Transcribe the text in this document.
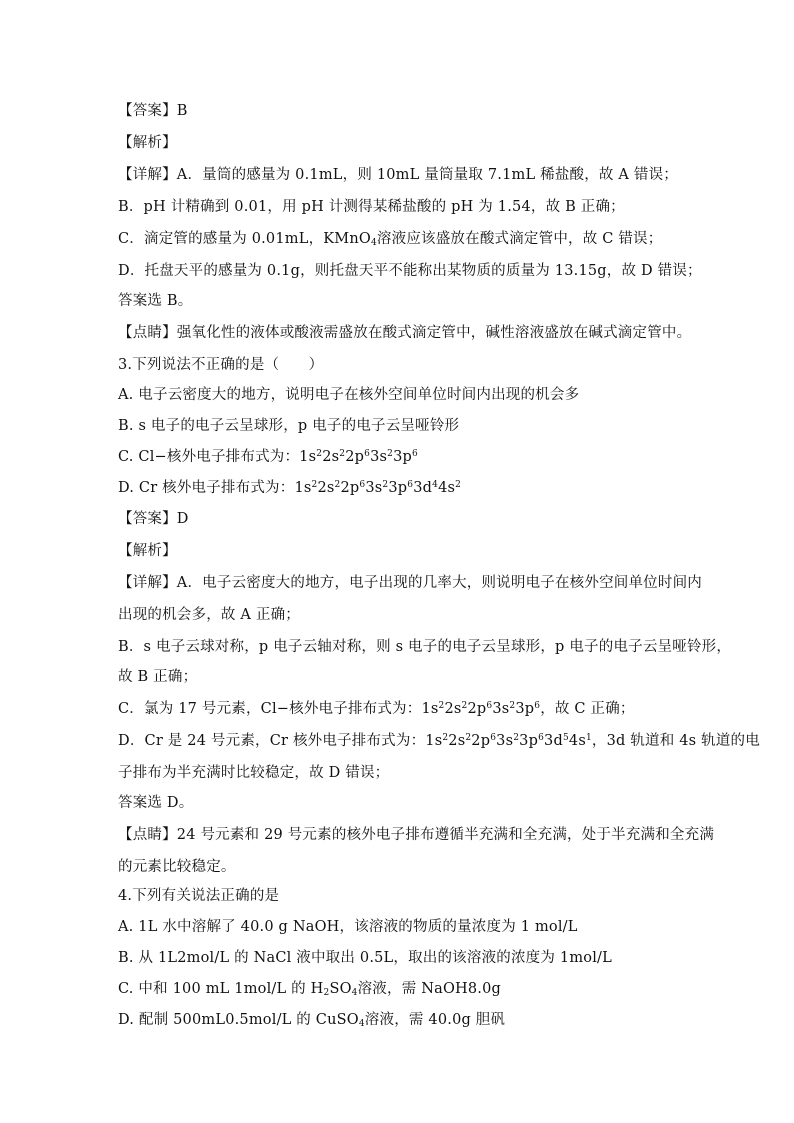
【答案】B
【解析】
【详解】A．量筒的感量为 0.1mL，则 10mL 量筒量取 7.1mL 稀盐酸，故 A 错误；
B．pH 计精确到 0.01，用 pH 计测得某稀盐酸的 pH 为 1.54，故 B 正确；
C．滴定管的感量为 0.01mL，KMnO$_4$溶液应该盛放在酸式滴定管中，故 C 错误；
D．托盘天平的感量为 0.1g，则托盘天平不能称出某物质的质量为 13.15g，故 D 错误；
答案选 B。
【点睛】强氧化性的液体或酸液需盛放在酸式滴定管中，碱性溶液盛放在碱式滴定管中。
3.下列说法不正确的是（　　）
A. 电子云密度大的地方，说明电子在核外空间单位时间内出现的机会多
B. s 电子的电子云呈球形，p 电子的电子云呈哑铃形
C. Cl−核外电子排布式为：$1s^22s^22p^63s^23p^6$
D. Cr 核外电子排布式为：$1s^22s^22p^63s^23p^63d^44s^2$
【答案】D
【解析】
【详解】A．电子云密度大的地方，电子出现的几率大，则说明电子在核外空间单位时间内
出现的机会多，故 A 正确；
B．s 电子云球对称，p 电子云轴对称，则 s 电子的电子云呈球形，p 电子的电子云呈哑铃形，
故 B 正确；
C．氯为 17 号元素，Cl−核外电子排布式为：$1s^22s^22p^63s^23p^6$，故 C 正确；
D．Cr 是 24 号元素，Cr 核外电子排布式为：$1s^22s^22p^63s^23p^63d^54s^1$，3d 轨道和 4s 轨道的电
子排布为半充满时比较稳定，故 D 错误；
答案选 D。
【点睛】24 号元素和 29 号元素的核外电子排布遵循半充满和全充满，处于半充满和全充满
的元素比较稳定。
4.下列有关说法正确的是
A. 1L 水中溶解了 40.0 g NaOH，该溶液的物质的量浓度为 1 mol/L
B. 从 1L2mol/L 的 NaCl 液中取出 0.5L，取出的该溶液的浓度为 1mol/L
C. 中和 100 mL 1mol/L 的 $H_2SO_4$溶液，需 NaOH8.0g
D. 配制 500mL0.5mol/L 的 CuSO$_4$溶液，需 40.0g 胆矾
